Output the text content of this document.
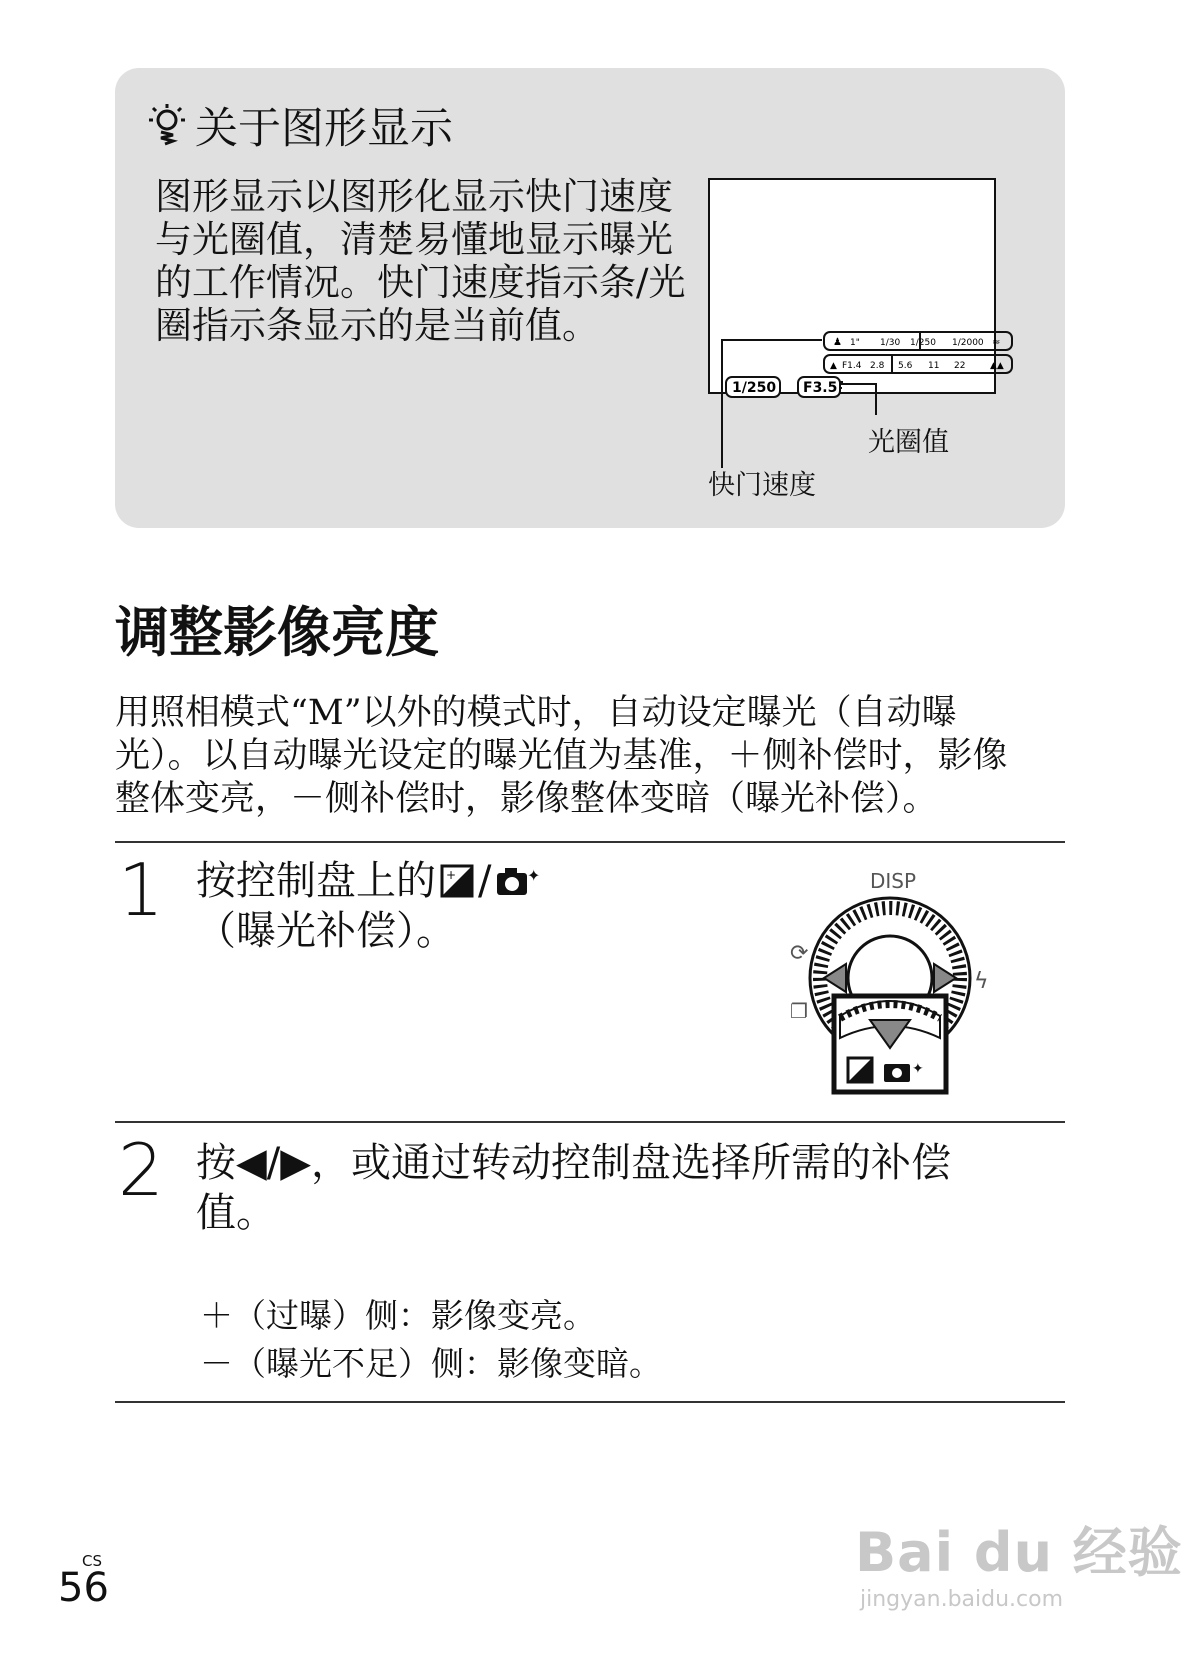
关于图形显示
图形显示以图形化显示快门速度
与光圈值，清楚易懂地显示曝光
的工作情况。快门速度指示条/光
圈指示条显示的是当前值。	♟ 1" 1/30 1/250 1/2000 ≈
▲ F1.4 2.8 5.6 11 22	▲▲
1/250 F3.5
光圈值
快门速度
调整影像亮度
用照相模式“M”以外的模式时，自动设定曝光（自动曝
光）。以自动曝光设定的曝光值为基准，＋侧补偿时，影像
整体变亮，－侧补偿时，影像整体变暗（曝光补偿）。
1 按控制盘上的 + / ✦
（曝光补偿）。
DISP
⟳
❐
ϟ
✦
2 按◀/▶，或通过转动控制盘选择所需的补偿
值。
＋（过曝）侧：影像变亮。
－（曝光不足）侧：影像变暗。
CS
56
Bai du 经验
jingyan.baidu.com
